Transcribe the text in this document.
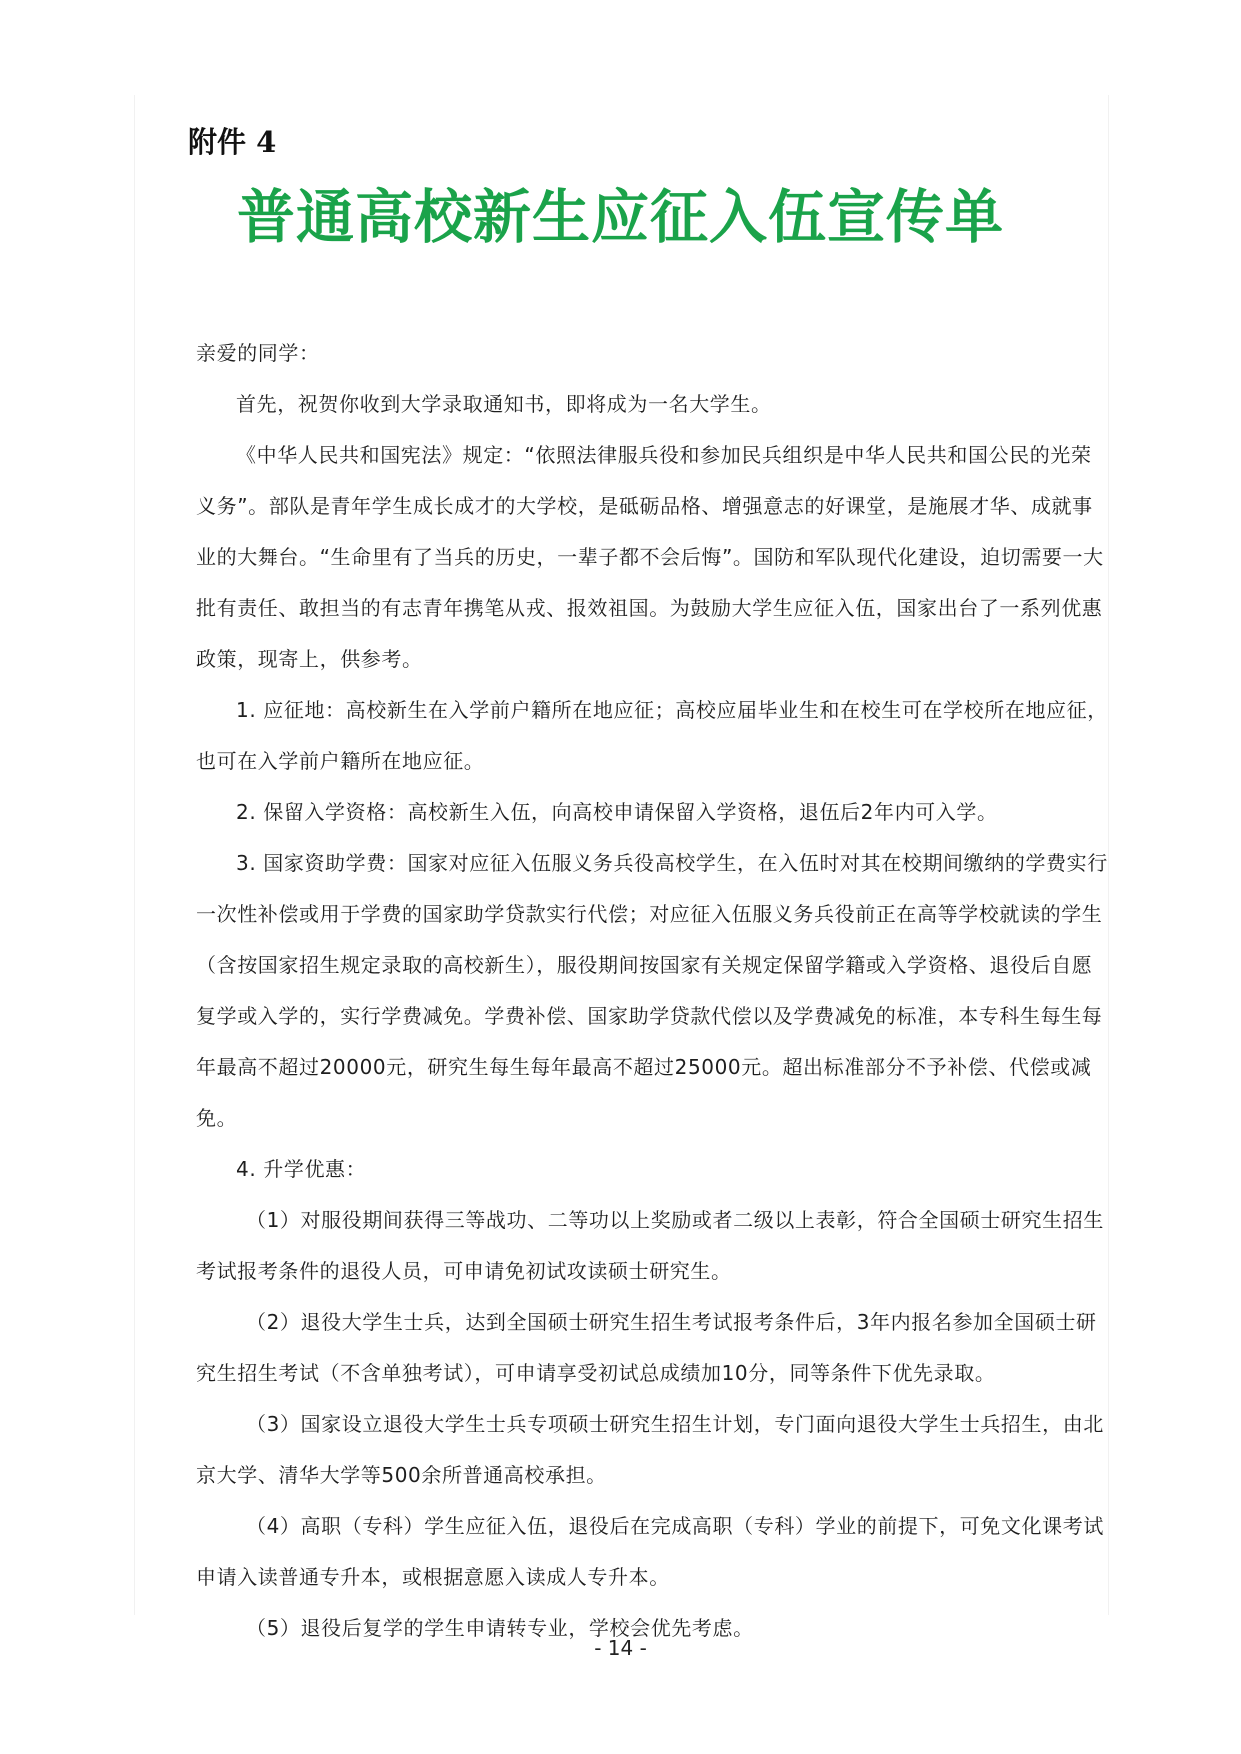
附件 4
普通高校新生应征入伍宣传单

亲爱的同学：

首先，祝贺你收到大学录取通知书，即将成为一名大学生。

《中华人民共和国宪法》规定：“依照法律服兵役和参加民兵组织是中华人民共和国公民的光荣义务”。部队是青年学生成长成才的大学校，是砥砺品格、增强意志的好课堂，是施展才华、成就事业的大舞台。“生命里有了当兵的历史，一辈子都不会后悔”。国防和军队现代化建设，迫切需要一大批有责任、敢担当的有志青年携笔从戎、报效祖国。为鼓励大学生应征入伍，国家出台了一系列优惠政策，现寄上，供参考。

1. 应征地：高校新生在入学前户籍所在地应征；高校应届毕业生和在校生可在学校所在地应征，也可在入学前户籍所在地应征。

2. 保留入学资格：高校新生入伍，向高校申请保留入学资格，退伍后2年内可入学。

3. 国家资助学费：国家对应征入伍服义务兵役高校学生，在入伍时对其在校期间缴纳的学费实行一次性补偿或用于学费的国家助学贷款实行代偿；对应征入伍服义务兵役前正在高等学校就读的学生（含按国家招生规定录取的高校新生），服役期间按国家有关规定保留学籍或入学资格、退役后自愿复学或入学的，实行学费减免。学费补偿、国家助学贷款代偿以及学费减免的标准，本专科生每生每年最高不超过20000元，研究生每生每年最高不超过25000元。超出标准部分不予补偿、代偿或减免。

4. 升学优惠：

（1）对服役期间获得三等战功、二等功以上奖励或者二级以上表彰，符合全国硕士研究生招生考试报考条件的退役人员，可申请免初试攻读硕士研究生。

（2）退役大学生士兵，达到全国硕士研究生招生考试报考条件后，3年内报名参加全国硕士研究生招生考试（不含单独考试），可申请享受初试总成绩加10分，同等条件下优先录取。

（3）国家设立退役大学生士兵专项硕士研究生招生计划，专门面向退役大学生士兵招生，由北京大学、清华大学等500余所普通高校承担。

（4）高职（专科）学生应征入伍，退役后在完成高职（专科）学业的前提下，可免文化课考试申请入读普通专升本，或根据意愿入读成人专升本。

（5）退役后复学的学生申请转专业，学校会优先考虑。

- 14 -
